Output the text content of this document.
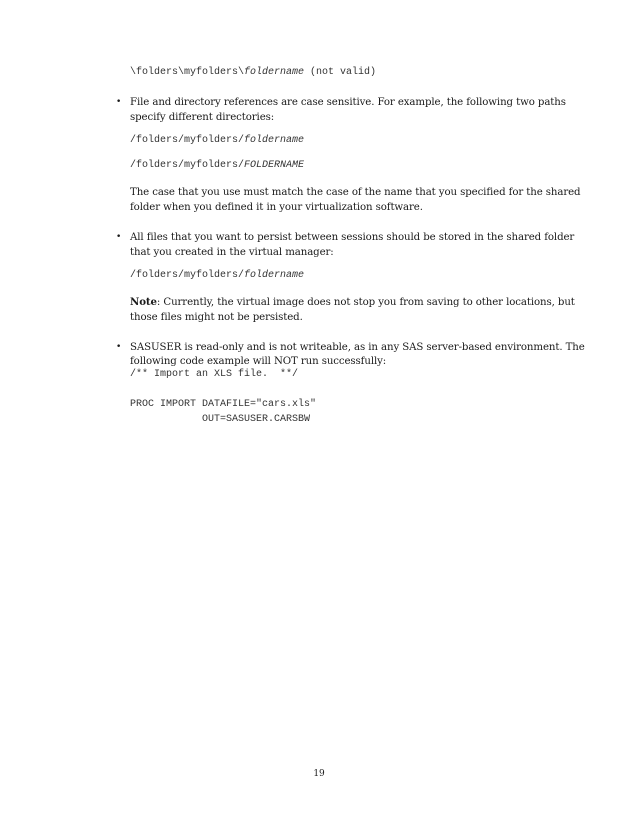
\folders\myfolders\foldername (not valid)
• File and directory references are case sensitive. For example, the following two paths
specify different directories:
/folders/myfolders/foldername
/folders/myfolders/FOLDERNAME
The case that you use must match the case of the name that you specified for the shared
folder when you defined it in your virtualization software.
• All files that you want to persist between sessions should be stored in the shared folder
that you created in the virtual manager:
/folders/myfolders/foldername
Note: Currently, the virtual image does not stop you from saving to other locations, but
those files might not be persisted.
• SASUSER is read-only and is not writeable, as in any SAS server-based environment. The
following code example will NOT run successfully:
/** Import an XLS file.  **/
PROC IMPORT DATAFILE="cars.xls"
OUT=SASUSER.CARSBW
19
